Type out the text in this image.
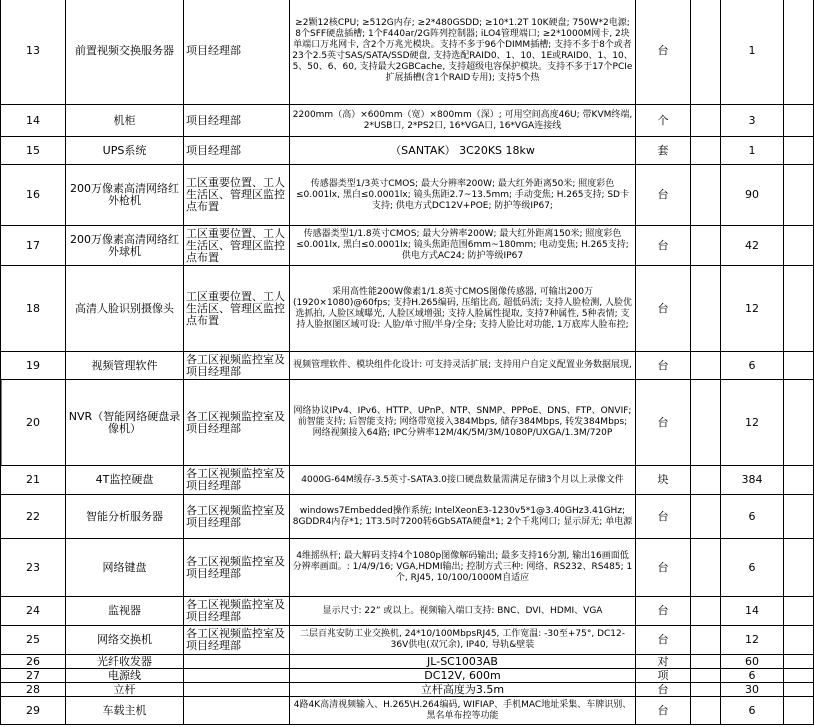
13	前置视频交换服务器	项目经理部	≥2颗12核CPU; ≥512G内存; ≥2*480GSDD; ≥10*1.2T 10K硬盘; 750W*2电源; 8个SFF硬盘插槽; 1个F440ar/2G阵列控制器; iLO4管理端口; ≥2*1000M网卡, 2块单端口万兆网卡, 含2个万兆光模块。支持不多于96个DIMM插槽; 支持不多于8个或者23个2.5英寸SAS/SATA/SSD硬盘, 支持选配RAID0、1、10、1E或RAID0、1、10、5、50、6、60, 支持最大2GBCache, 支持超级电容保护模块。支持不多于17个PCIe扩展插槽(含1个RAID专用); 支持5个热	台		1	
14	机柜	项目经理部	2200mm（高）×600mm（宽）×800mm（深）; 可用空间高度46U; 带KVM终端, 2*USB口, 2*PS2口, 16*VGA口, 16*VGA连接线	个		3	
15	UPS系统	项目经理部	（SANTAK） 3C20KS 18kw	套		1	
16	200万像素高清网络红外枪机	工区重要位置、工人生活区、管理区监控点布置	传感器类型1/3英寸CMOS; 最大分辨率200W; 最大红外距离50米; 照度彩色≤0.001lx, 黑白≤0.0001lx; 镜头焦距2.7~13.5mm; 手动变焦; H.265支持; SD卡支持; 供电方式DC12V+POE; 防护等级IP67;	台		90	
17	200万像素高清网络红外球机	工区重要位置、工人生活区、管理区监控点布置	传感器类型1/1.8英寸CMOS; 最大分辨率200W; 最大红外距离150米; 照度彩色≤0.001lx, 黑白≤0.0001lx; 镜头焦距范围6mm~180mm; 电动变焦; H.265支持; 供电方式AC24; 防护等级IP67	台		42	
18	高清人脸识别摄像头	工区重要位置、工人生活区、管理区监控点布置	采用高性能200W像素1/1.8英寸CMOS图像传感器, 可输出200万(1920×1080)@60fps; 支持H.265编码, 压缩比高, 超低码流; 支持人脸检测, 人脸优选抓拍, 人脸区域曝光, 人脸区域增强; 支持人脸属性提取, 支持7种属性, 5种表情; 支持人脸抠图区域可设: 人脸/单寸照/半身/全身; 支持人脸比对功能, 1万底库人脸布控;	台		12	
19	视频管理软件	各工区视频监控室及项目经理部	视频管理软件、模块组件化设计: 可支持灵活扩展; 支持用户自定义配置业务数据展现,	台		6	
20	NVR（智能网络硬盘录像机）	各工区视频监控室及项目经理部	网络协议IPv4、IPv6、HTTP、UPnP、NTP、SNMP、PPPoE、DNS、FTP、ONVIF; 前智能支持; 后智能支持; 网络带宽接入384Mbps, 储存384Mbps, 转发384Mbps; 网络视频接入64路; IPC分辨率12M/4K/5M/3M/1080P/UXGA/1.3M/720P	台		12	
21	4T监控硬盘	各工区视频监控室及项目经理部	4000G-64M缓存-3.5英寸-SATA3.0接口硬盘数量需满足存储3个月以上录像文件	块		384	
22	智能分析服务器	各工区视频监控室及项目经理部	windows7Embedded操作系统; IntelXeonE3-1230v5*1@3.40GHz3.41GHz; 8GDDR4内存*1; 1T3.5吋7200转6GbSATA硬盘*1; 2个千兆网口; 显示屏无; 单电源	台		6	
23	网络键盘	各工区视频监控室及项目经理部	4维摇纵杆; 最大解码支持4个1080p图像解码输出; 最多支持16分割, 输出16画面低分辨率画面。: 1/4/9/16; VGA,HDMI输出; 控制方式三种: 网络、RS232、RS485; 1个, RJ45, 10/100/1000M自适应	台		6	
24	监视器	各工区视频监控室及项目经理部	显示尺寸: 22” 或以上。视频输入端口支持: BNC、DVI、HDMI、VGA	台		14	
25	网络交换机	各工区视频监控室及项目经理部	二层百兆安防工业交换机, 24*10/100MbpsRJ45, 工作宽温: -30至+75°, DC12-36V供电(双冗余), IP40, 导轨&壁装	台		12	
26	光纤收发器		JL-SC1003AB	对		60	
27	电源线		DC12V, 600m	项		6	
28	立杆		立杆高度为3.5m	台		30	
29	车载主机		4路4K高清视频输入、H.265\H.264编码, WIFIAP、手机MAC地址采集、车牌识别、黑名单布控等功能	台		6	
